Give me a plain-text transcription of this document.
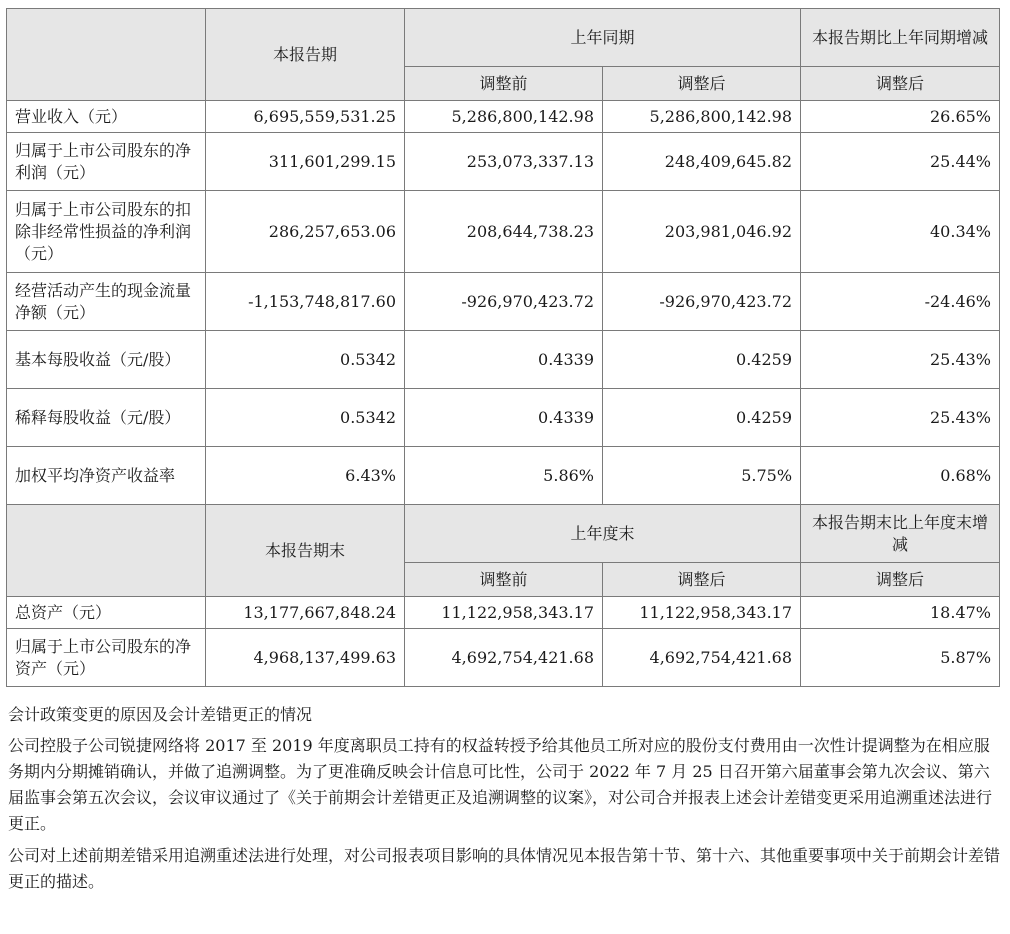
	本报告期	上年同期		本报告期比上年同期增减
		调整前	调整后	调整后
营业收入（元）	6,695,559,531.25	5,286,800,142.98	5,286,800,142.98	26.65%
归属于上市公司股东的净利润（元）	311,601,299.15	253,073,337.13	248,409,645.82	25.44%
归属于上市公司股东的扣除非经常性损益的净利润（元）	286,257,653.06	208,644,738.23	203,981,046.92	40.34%
经营活动产生的现金流量净额（元）	-1,153,748,817.60	-926,970,423.72	-926,970,423.72	-24.46%
基本每股收益（元/股）	0.5342	0.4339	0.4259	25.43%
稀释每股收益（元/股）	0.5342	0.4339	0.4259	25.43%
加权平均净资产收益率	6.43%	5.86%	5.75%	0.68%
	本报告期末	上年度末		本报告期末比上年度末增减
		调整前	调整后	调整后
总资产（元）	13,177,667,848.24	11,122,958,343.17	11,122,958,343.17	18.47%
归属于上市公司股东的净资产（元）	4,968,137,499.63	4,692,754,421.68	4,692,754,421.68	5.87%

会计政策变更的原因及会计差错更正的情况

公司控股子公司锐捷网络将 2017 至 2019 年度离职员工持有的权益转授予给其他员工所对应的股份支付费用由一次性计提调整为在相应服务期内分期摊销确认，并做了追溯调整。为了更准确反映会计信息可比性，公司于 2022 年 7 月 25 日召开第六届董事会第九次会议、第六届监事会第五次会议，会议审议通过了《关于前期会计差错更正及追溯调整的议案》，对公司合并报表上述会计差错变更采用追溯重述法进行更正。

公司对上述前期差错采用追溯重述法进行处理，对公司报表项目影响的具体情况见本报告第十节、第十六、其他重要事项中关于前期会计差错更正的描述。
